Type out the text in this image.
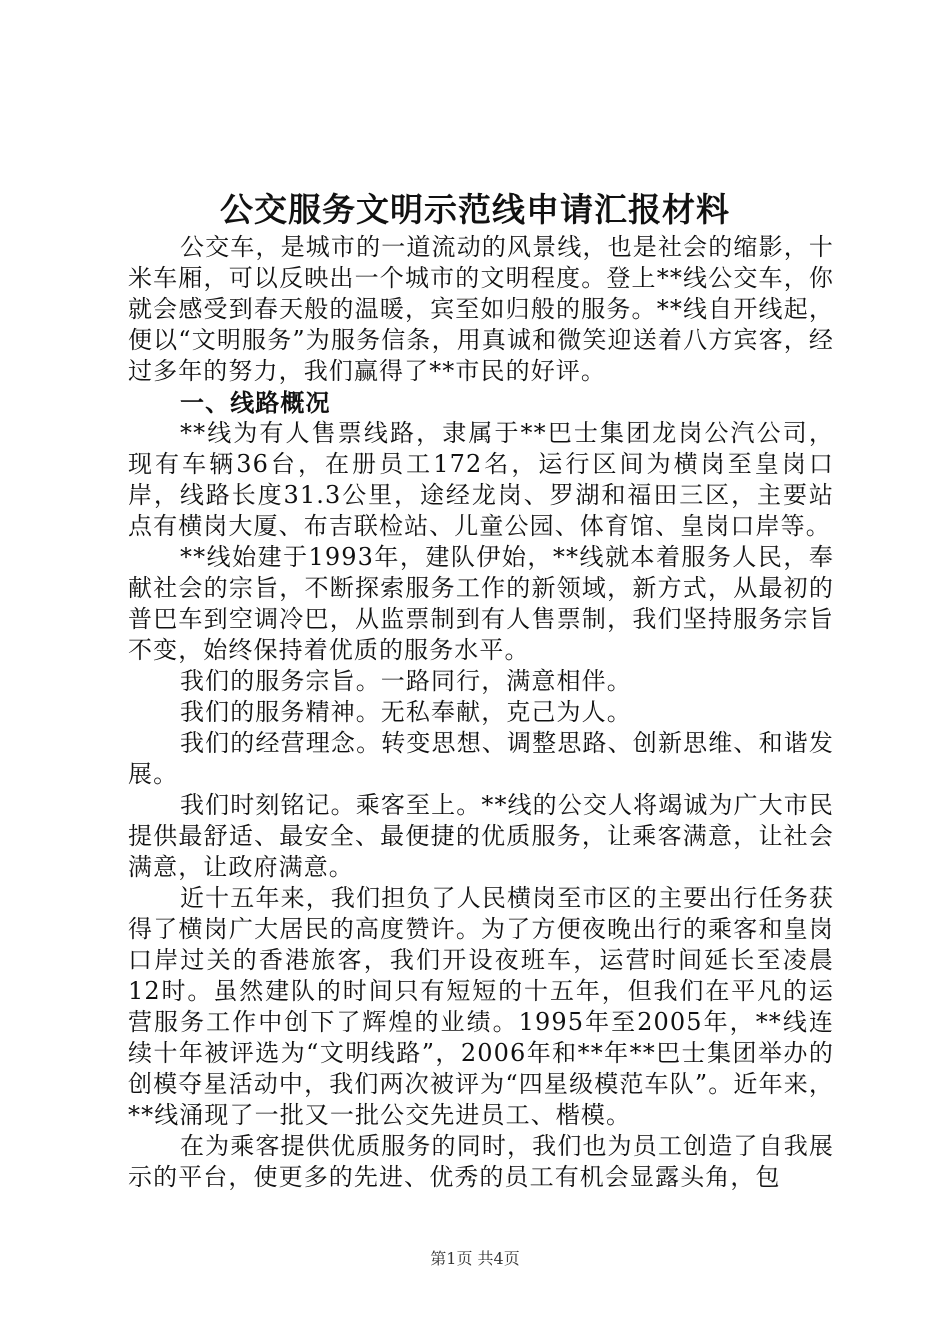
公交服务文明示范线申请汇报材料

公交车，是城市的一道流动的风景线，也是社会的缩影，十米车厢，可以反映出一个城市的文明程度。登上**线公交车，你就会感受到春天般的温暖，宾至如归般的服务。**线自开线起，便以“文明服务”为服务信条，用真诚和微笑迎送着八方宾客，经过多年的努力，我们赢得了**市民的好评。

一、线路概况

**线为有人售票线路，隶属于**巴士集团龙岗公汽公司，现有车辆36台，在册员工172名，运行区间为横岗至皇岗口岸，线路长度31.3公里，途经龙岗、罗湖和福田三区，主要站点有横岗大厦、布吉联检站、儿童公园、体育馆、皇岗口岸等。

**线始建于1993年，建队伊始，**线就本着服务人民，奉献社会的宗旨，不断探索服务工作的新领域，新方式，从最初的普巴车到空调冷巴，从监票制到有人售票制，我们坚持服务宗旨不变，始终保持着优质的服务水平。

我们的服务宗旨。一路同行，满意相伴。

我们的服务精神。无私奉献，克己为人。

我们的经营理念。转变思想、调整思路、创新思维、和谐发展。

我们时刻铭记。乘客至上。**线的公交人将竭诚为广大市民提供最舒适、最安全、最便捷的优质服务，让乘客满意，让社会满意，让政府满意。

近十五年来，我们担负了人民横岗至市区的主要出行任务获得了横岗广大居民的高度赞许。为了方便夜晚出行的乘客和皇岗口岸过关的香港旅客，我们开设夜班车，运营时间延长至凌晨12时。虽然建队的时间只有短短的十五年，但我们在平凡的运营服务工作中创下了辉煌的业绩。1995年至2005年，**线连续十年被评选为“文明线路”，2006年和**年**巴士集团举办的创模夺星活动中，我们两次被评为“四星级模范车队”。近年来，**线涌现了一批又一批公交先进员工、楷模。

在为乘客提供优质服务的同时，我们也为员工创造了自我展示的平台，使更多的先进、优秀的员工有机会显露头角，包

第1页 共4页
